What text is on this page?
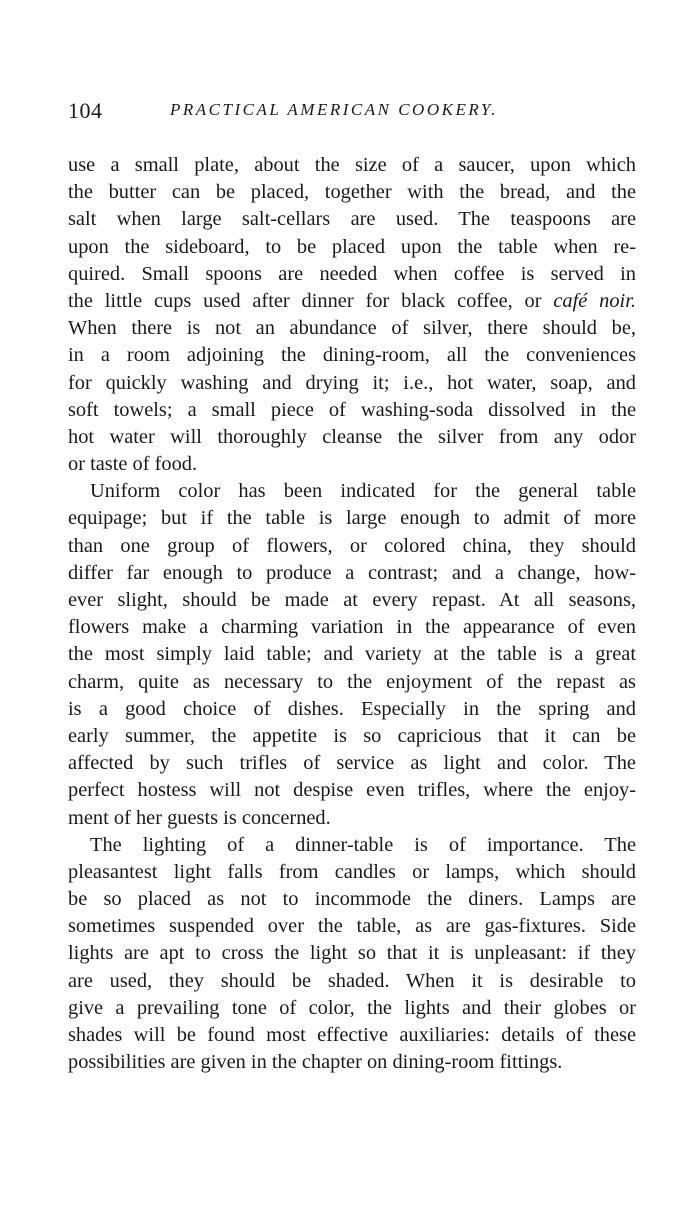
104	PRACTICAL AMERICAN COOKERY.
use a small plate, about the size of a saucer, upon which
the butter can be placed, together with the bread, and the
salt when large salt-cellars are used. The teaspoons are
upon the sideboard, to be placed upon the table when re-
quired. Small spoons are needed when coffee is served in
the little cups used after dinner for black coffee, or café noir.
When there is not an abundance of silver, there should be,
in a room adjoining the dining-room, all the conveniences
for quickly washing and drying it; i.e., hot water, soap, and
soft towels; a small piece of washing-soda dissolved in the
hot water will thoroughly cleanse the silver from any odor
or taste of food.
Uniform color has been indicated for the general table
equipage; but if the table is large enough to admit of more
than one group of flowers, or colored china, they should
differ far enough to produce a contrast; and a change, how-
ever slight, should be made at every repast. At all seasons,
flowers make a charming variation in the appearance of even
the most simply laid table; and variety at the table is a great
charm, quite as necessary to the enjoyment of the repast as
is a good choice of dishes. Especially in the spring and
early summer, the appetite is so capricious that it can be
affected by such trifles of service as light and color. The
perfect hostess will not despise even trifles, where the enjoy-
ment of her guests is concerned.
The lighting of a dinner-table is of importance. The
pleasantest light falls from candles or lamps, which should
be so placed as not to incommode the diners. Lamps are
sometimes suspended over the table, as are gas-fixtures. Side
lights are apt to cross the light so that it is unpleasant: if they
are used, they should be shaded. When it is desirable to
give a prevailing tone of color, the lights and their globes or
shades will be found most effective auxiliaries: details of these
possibilities are given in the chapter on dining-room fittings.
